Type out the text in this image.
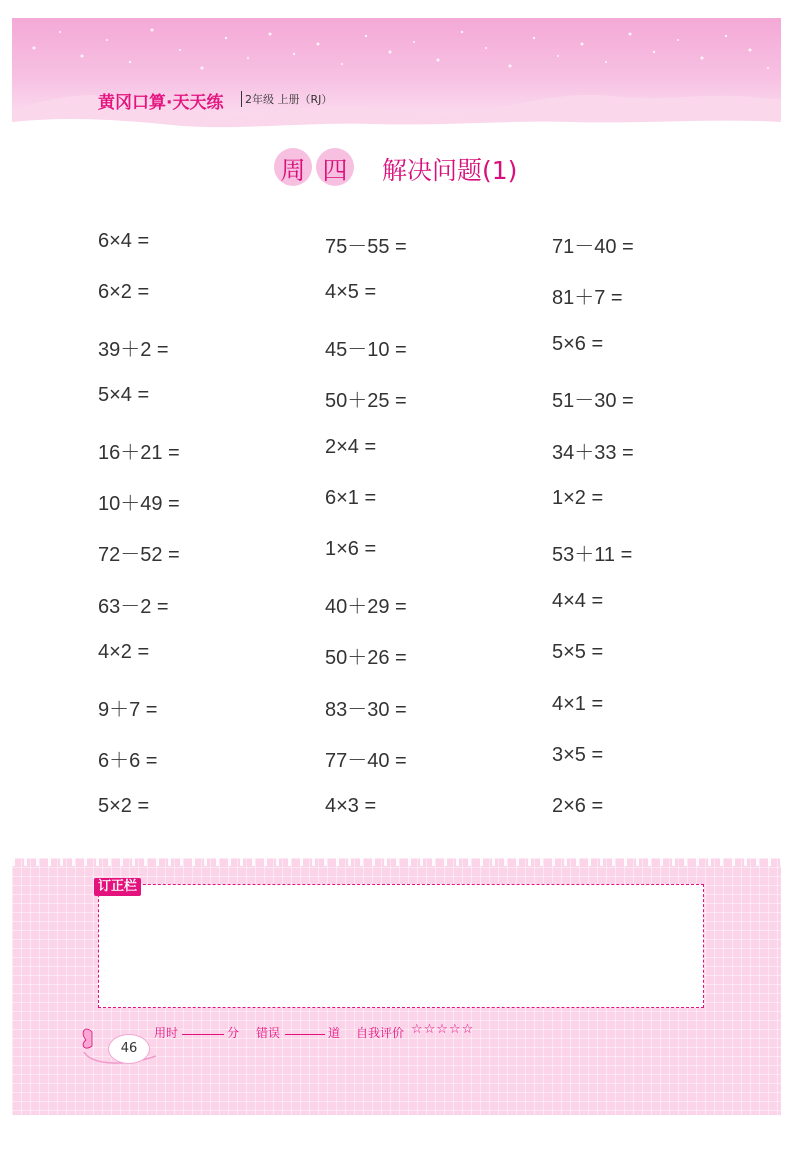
黄冈口算·天天练 2年级 上册（RJ）
周 四 解决问题(1)
6×4 =	75－55 =	71－40 =
6×2 =	4×5 =	81＋7 =
39＋2 =	45－10 =	5×6 =
5×4 =	50＋25 =	51－30 =
16＋21 =	2×4 =	34＋33 =
10＋49 =	6×1 =	1×2 =
72－52 =	1×6 =	53＋11 =
63－2 =	40＋29 =	4×4 =
4×2 =	50＋26 =	5×5 =
9＋7 =	83－30 =	4×1 =
6＋6 =	77－40 =	3×5 =
5×2 =	4×3 =	2×6 =
订正栏
用时	分 错误	道 自我评价 ☆☆☆☆☆
46
